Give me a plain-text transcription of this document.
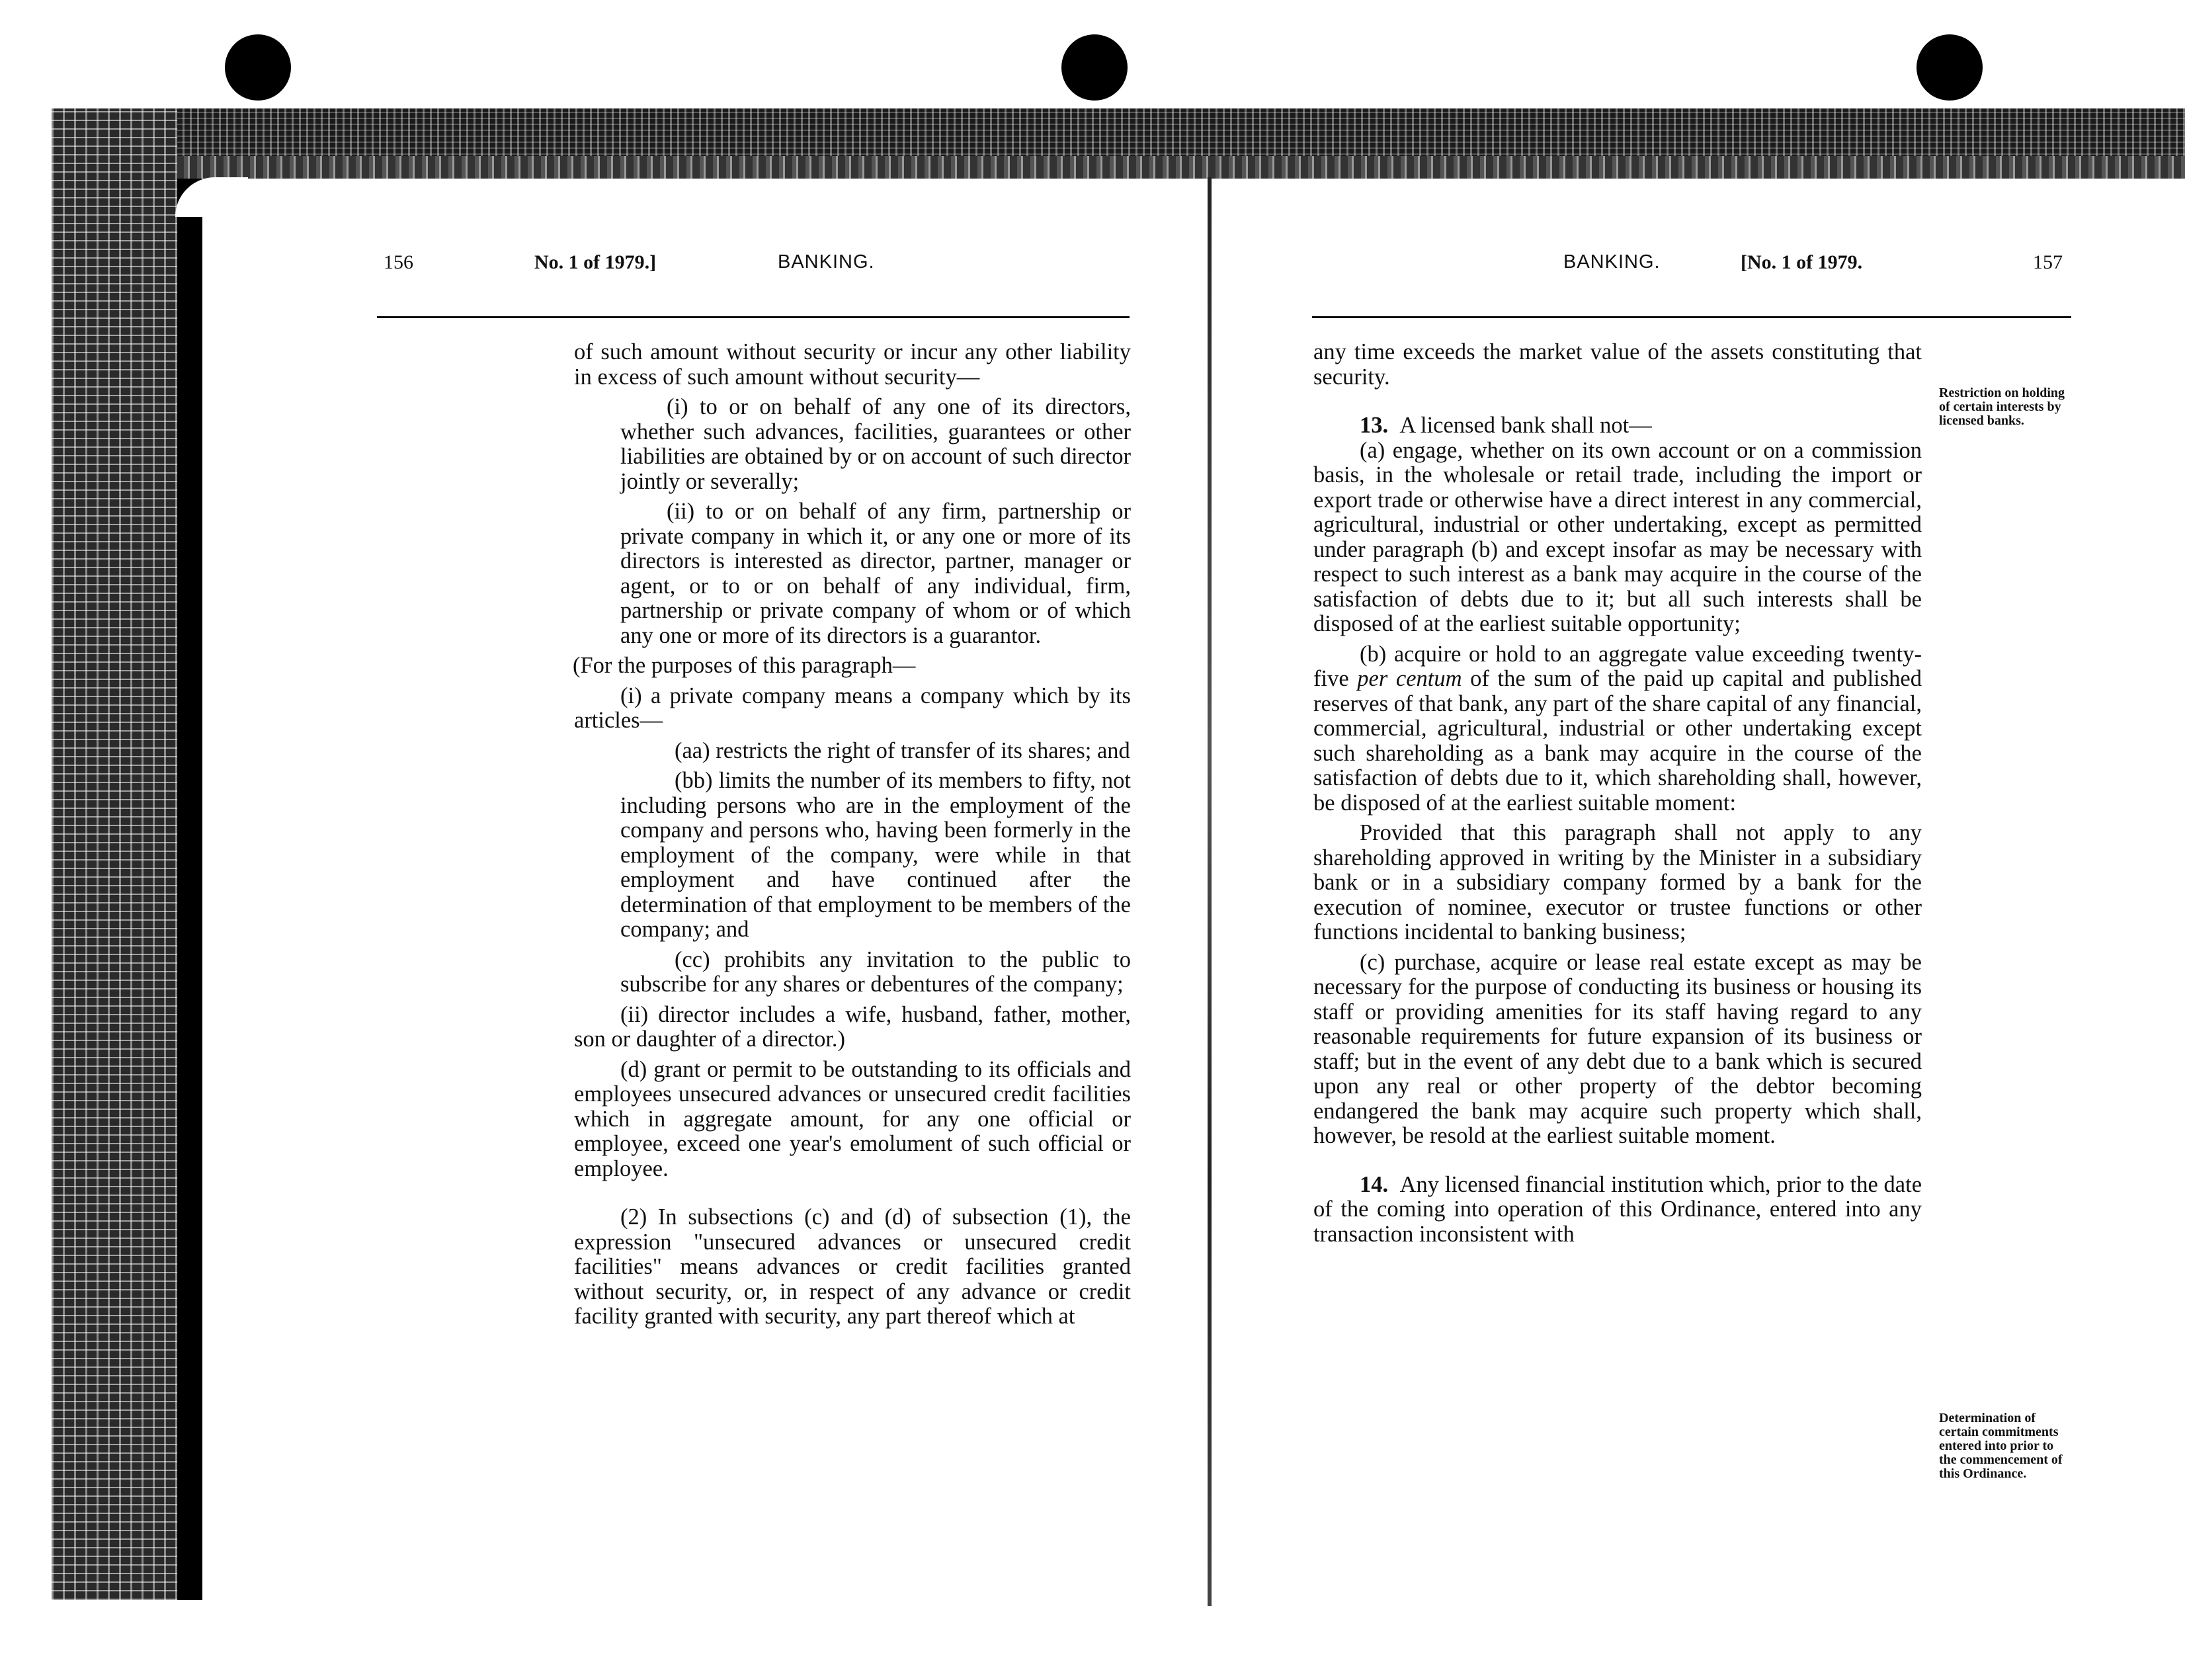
156	No. 1 of 1979.]	BANKING.	BANKING.	[No. 1 of 1979.	157

of such amount without security or incur any other liability in excess of such amount without security—

(i) to or on behalf of any one of its directors, whether such advances, facilities, guarantees or other liabilities are obtained by or on account of such director jointly or severally;

(ii) to or on behalf of any firm, partnership or private company in which it, or any one or more of its directors is interested as director, partner, manager or agent, or to or on behalf of any individual, firm, partnership or private company of whom or of which any one or more of its directors is a guarantor.

(For the purposes of this paragraph—

(i) a private company means a company which by its articles—

(aa) restricts the right of transfer of its shares; and

(bb) limits the number of its members to fifty, not including persons who are in the employment of the company and persons who, having been formerly in the employment of the company, were while in that employment and have continued after the determination of that employment to be members of the company; and

(cc) prohibits any invitation to the public to subscribe for any shares or debentures of the company;

(ii) director includes a wife, husband, father, mother, son or daughter of a director.)

(d) grant or permit to be outstanding to its officials and employees unsecured advances or unsecured credit facilities which in aggregate amount, for any one official or employee, exceed one year's emolument of such official or employee.

(2) In subsections (c) and (d) of subsection (1), the expression "unsecured advances or unsecured credit facilities" means advances or credit facilities granted without security, or, in respect of any advance or credit facility granted with security, any part thereof which at

any time exceeds the market value of the assets constituting that security.

13. A licensed bank shall not—

(a) engage, whether on its own account or on a commission basis, in the wholesale or retail trade, including the import or export trade or otherwise have a direct interest in any commercial, agricultural, industrial or other undertaking, except as permitted under paragraph (b) and except insofar as may be necessary with respect to such interest as a bank may acquire in the course of the satisfaction of debts due to it; but all such interests shall be disposed of at the earliest suitable opportunity;

(b) acquire or hold to an aggregate value exceeding twenty-five per centum of the sum of the paid up capital and published reserves of that bank, any part of the share capital of any financial, commercial, agricultural, industrial or other undertaking except such shareholding as a bank may acquire in the course of the satisfaction of debts due to it, which shareholding shall, however, be disposed of at the earliest suitable moment:

Provided that this paragraph shall not apply to any shareholding approved in writing by the Minister in a subsidiary bank or in a subsidiary company formed by a bank for the execution of nominee, executor or trustee functions or other functions incidental to banking business;

(c) purchase, acquire or lease real estate except as may be necessary for the purpose of conducting its business or housing its staff or providing amenities for its staff having regard to any reasonable requirements for future expansion of its business or staff; but in the event of any debt due to a bank which is secured upon any real or other property of the debtor becoming endangered the bank may acquire such property which shall, however, be resold at the earliest suitable moment.

14. Any licensed financial institution which, prior to the date of the coming into operation of this Ordinance, entered into any transaction inconsistent with

Restriction on holding of certain interests by licensed banks.
Determination of certain commitments entered into prior to the commencement of this Ordinance.
